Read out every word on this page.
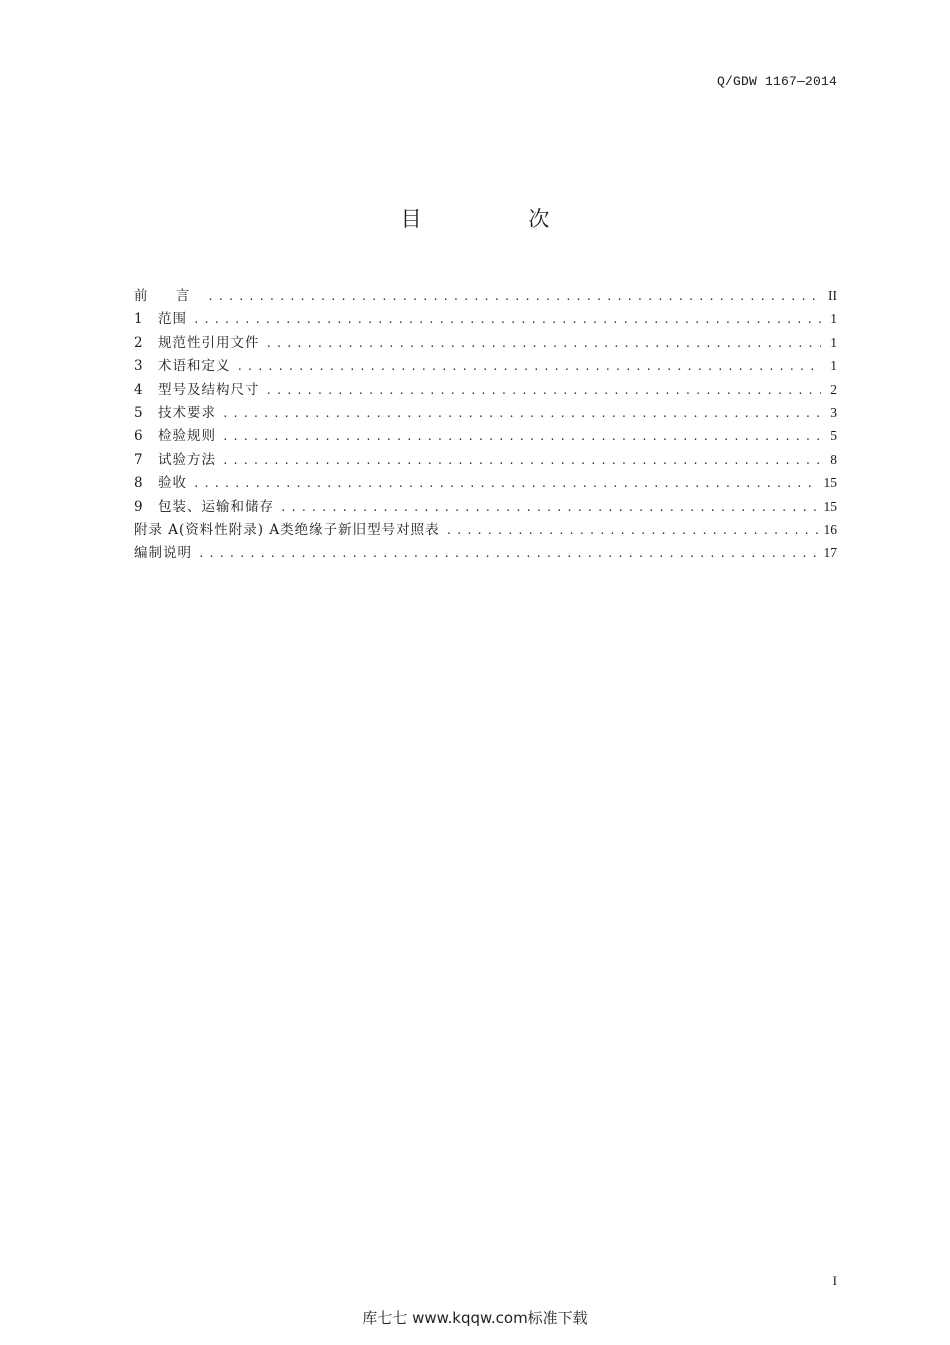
Q/GDW 1167—2014
目 次
前 言 .....	II
1 范围 .....	1
2 规范性引用文件 .....	1
3 术语和定义 .....	1
4 型号及结构尺寸 .....	2
5 技术要求 .....	3
6 检验规则 .....	5
7 试验方法 .....	8
8 验收 .....	15
9 包装、运输和储存 .....	15
附录 A(资料性附录) A类绝缘子新旧型号对照表 .....	16
编制说明 .....	17
I
库七七 www.kqqw.com标准下载
